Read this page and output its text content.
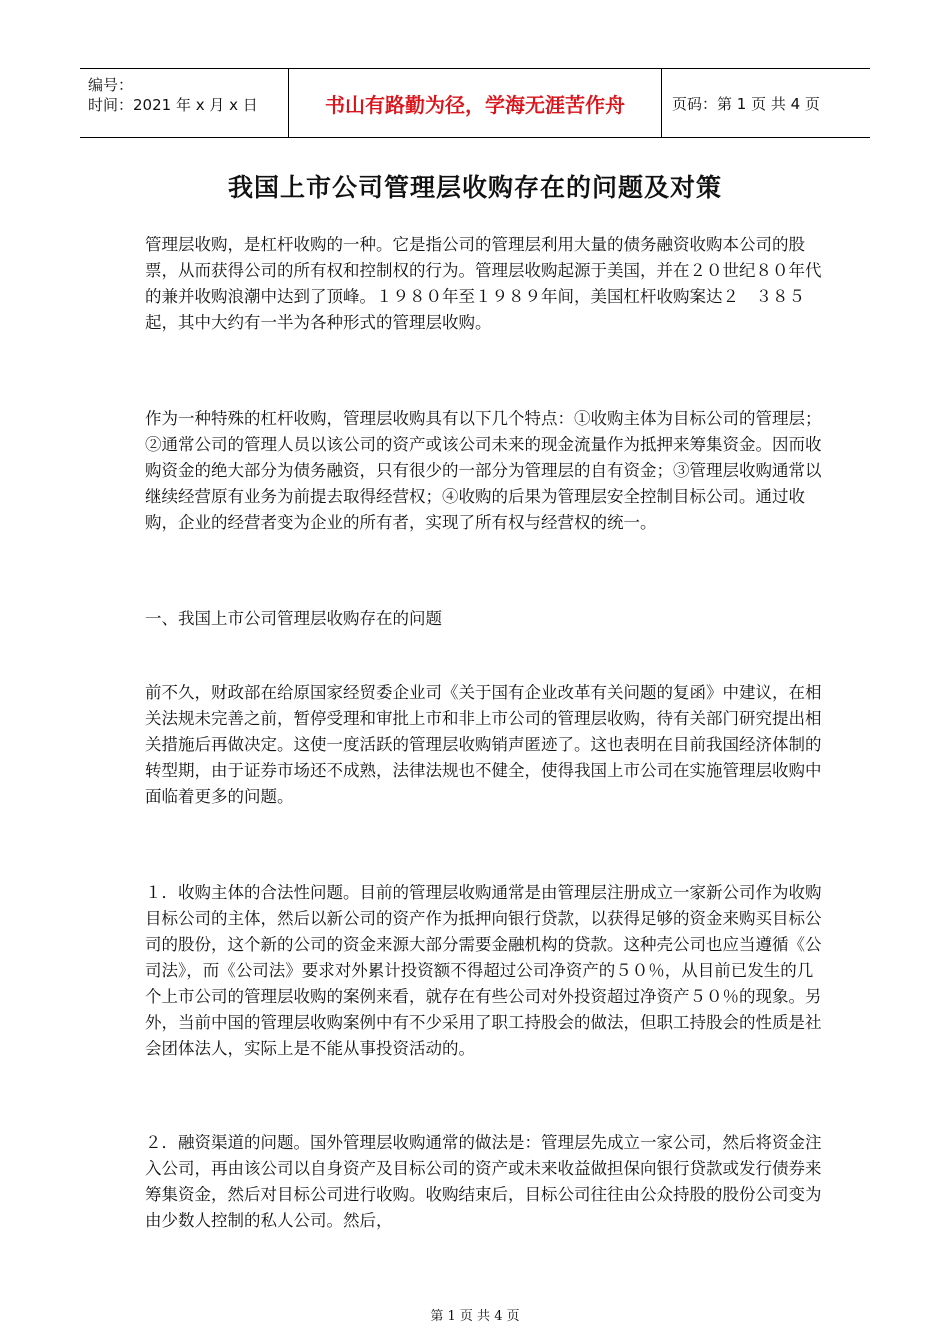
编号：
时间：2021 年 x 月 x 日	书山有路勤为径，学海无涯苦作舟	页码：第 1 页 共 4 页
我国上市公司管理层收购存在的问题及对策

管理层收购，是杠杆收购的一种。它是指公司的管理层利用大量的债务融资收购本公司的股票，从而获得公司的所有权和控制权的行为。管理层收购起源于美国，并在２０世纪８０年代的兼并收购浪潮中达到了顶峰。１９８０年至１９８９年间，美国杠杆收购案达２　３８５起，其中大约有一半为各种形式的管理层收购。

作为一种特殊的杠杆收购，管理层收购具有以下几个特点：①收购主体为目标公司的管理层；②通常公司的管理人员以该公司的资产或该公司未来的现金流量作为抵押来筹集资金。因而收购资金的绝大部分为债务融资，只有很少的一部分为管理层的自有资金；③管理层收购通常以继续经营原有业务为前提去取得经营权；④收购的后果为管理层安全控制目标公司。通过收购，企业的经营者变为企业的所有者，实现了所有权与经营权的统一。

一、我国上市公司管理层收购存在的问题

前不久，财政部在给原国家经贸委企业司《关于国有企业改革有关问题的复函》中建议，在相关法规未完善之前，暂停受理和审批上市和非上市公司的管理层收购，待有关部门研究提出相关措施后再做决定。这使一度活跃的管理层收购销声匿迹了。这也表明在目前我国经济体制的转型期，由于证券市场还不成熟，法律法规也不健全，使得我国上市公司在实施管理层收购中面临着更多的问题。

１．收购主体的合法性问题。目前的管理层收购通常是由管理层注册成立一家新公司作为收购目标公司的主体，然后以新公司的资产作为抵押向银行贷款，以获得足够的资金来购买目标公司的股份，这个新的公司的资金来源大部分需要金融机构的贷款。这种壳公司也应当遵循《公司法》，而《公司法》要求对外累计投资额不得超过公司净资产的５０％，从目前已发生的几个上市公司的管理层收购的案例来看，就存在有些公司对外投资超过净资产５０％的现象。另外，当前中国的管理层收购案例中有不少采用了职工持股会的做法，但职工持股会的性质是社会团体法人，实际上是不能从事投资活动的。

２．融资渠道的问题。国外管理层收购通常的做法是：管理层先成立一家公司，然后将资金注入公司，再由该公司以自身资产及目标公司的资产或未来收益做担保向银行贷款或发行债券来筹集资金，然后对目标公司进行收购。收购结束后，目标公司往往由公众持股的股份公司变为由少数人控制的私人公司。然后，

第 1 页 共 4 页
